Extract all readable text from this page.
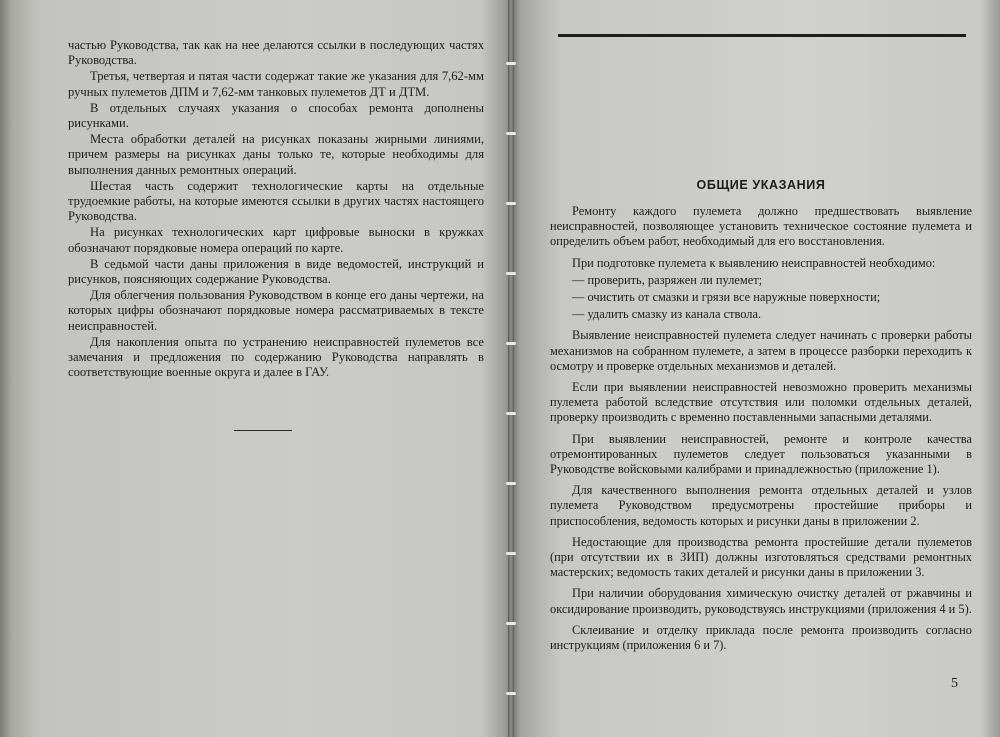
частью Руководства, так как на нее делаются ссылки в последующих частях Руководства.

Третья, четвертая и пятая части содержат такие же указания для 7,62-мм ручных пулеметов ДПМ и 7,62-мм танковых пулеметов ДТ и ДТМ.

В отдельных случаях указания о способах ремонта дополнены рисунками.

Места обработки деталей на рисунках показаны жирными линиями, причем размеры на рисунках даны только те, которые необходимы для выполнения данных ремонтных операций.

Шестая часть содержит технологические карты на отдельные трудоемкие работы, на которые имеются ссылки в других частях настоящего Руководства.

На рисунках технологических карт цифровые выноски в кружках обозначают порядковые номера операций по карте.

В седьмой части даны приложения в виде ведомостей, инструкций и рисунков, поясняющих содержание Руководства.

Для облегчения пользования Руководством в конце его даны чертежи, на которых цифры обозначают порядковые номера рассматриваемых в тексте неисправностей.

Для накопления опыта по устранению неисправностей пулеметов все замечания и предложения по содержанию Руководства направлять в соответствующие военные округа и далее в ГАУ.

ОБЩИЕ УКАЗАНИЯ

Ремонту каждого пулемета должно предшествовать выявление неисправностей, позволяющее установить техническое состояние пулемета и определить объем работ, необходимый для его восстановления.

При подготовке пулемета к выявлению неисправностей необходимо:

— проверить, разряжен ли пулемет;

— очистить от смазки и грязи все наружные поверхности;

— удалить смазку из канала ствола.

Выявление неисправностей пулемета следует начинать с проверки работы механизмов на собранном пулемете, а затем в процессе разборки переходить к осмотру и проверке отдельных механизмов и деталей.

Если при выявлении неисправностей невозможно проверить механизмы пулемета работой вследствие отсутствия или поломки отдельных деталей, проверку производить с временно поставленными запасными деталями.

При выявлении неисправностей, ремонте и контроле качества отремонтированных пулеметов следует пользоваться указанными в Руководстве войсковыми калибрами и принадлежностью (приложение 1).

Для качественного выполнения ремонта отдельных деталей и узлов пулемета Руководством предусмотрены простейшие приборы и приспособления, ведомость которых и рисунки даны в приложении 2.

Недостающие для производства ремонта простейшие детали пулеметов (при отсутствии их в ЗИП) должны изготовляться средствами ремонтных мастерских; ведомость таких деталей и рисунки даны в приложении 3.

При наличии оборудования химическую очистку деталей от ржавчины и оксидирование производить, руководствуясь инструкциями (приложения 4 и 5).

Склеивание и отделку приклада после ремонта производить согласно инструкциям (приложения 6 и 7).

5
